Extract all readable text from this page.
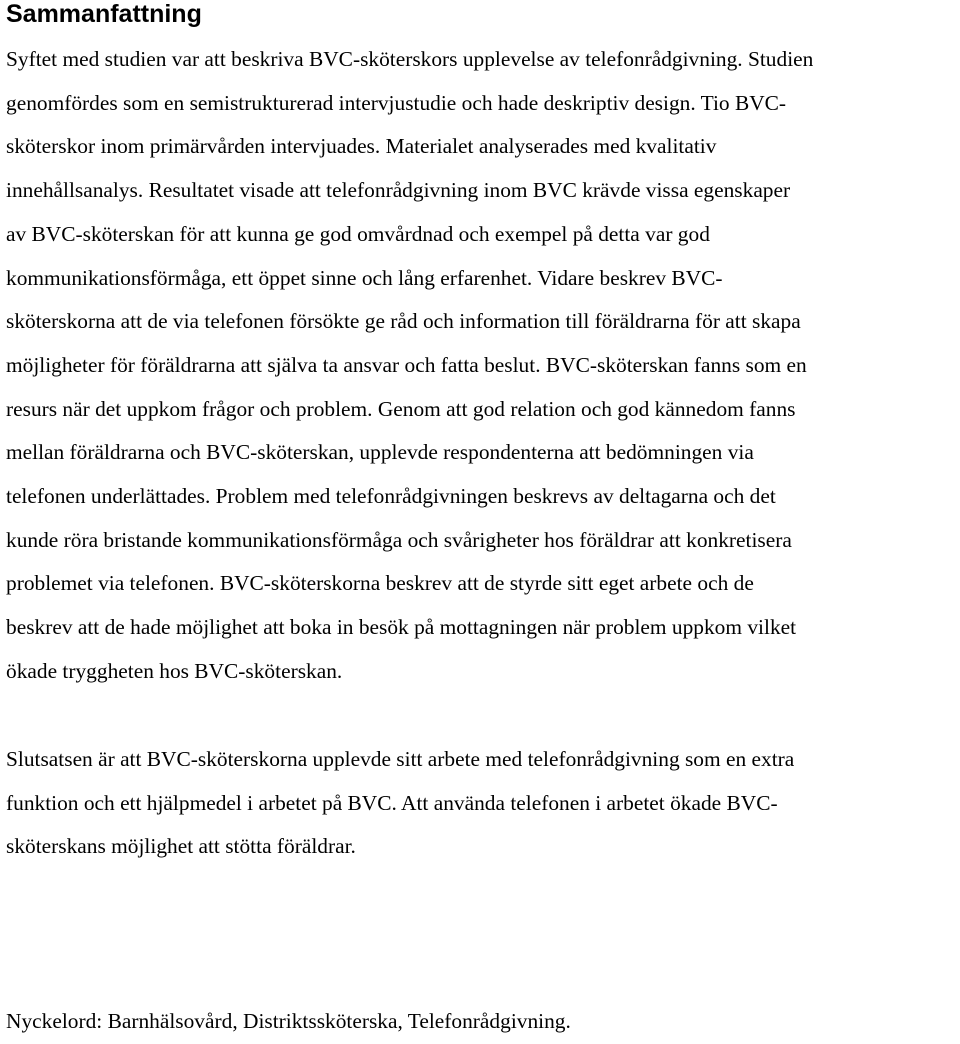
Sammanfattning

Syftet med studien var att beskriva BVC-sköterskors upplevelse av telefonrådgivning. Studien
genomfördes som en semistrukturerad intervjustudie och hade deskriptiv design. Tio BVC-
sköterskor inom primärvården intervjuades. Materialet analyserades med kvalitativ
innehållsanalys. Resultatet visade att telefonrådgivning inom BVC krävde vissa egenskaper
av BVC-sköterskan för att kunna ge god omvårdnad och exempel på detta var god
kommunikationsförmåga, ett öppet sinne och lång erfarenhet. Vidare beskrev BVC-
sköterskorna att de via telefonen försökte ge råd och information till föräldrarna för att skapa
möjligheter för föräldrarna att själva ta ansvar och fatta beslut. BVC-sköterskan fanns som en
resurs när det uppkom frågor och problem. Genom att god relation och god kännedom fanns
mellan föräldrarna och BVC-sköterskan, upplevde respondenterna att bedömningen via
telefonen underlättades. Problem med telefonrådgivningen beskrevs av deltagarna och det
kunde röra bristande kommunikationsförmåga och svårigheter hos föräldrar att konkretisera
problemet via telefonen. BVC-sköterskorna beskrev att de styrde sitt eget arbete och de
beskrev att de hade möjlighet att boka in besök på mottagningen när problem uppkom vilket
ökade tryggheten hos BVC-sköterskan.

Slutsatsen är att BVC-sköterskorna upplevde sitt arbete med telefonrådgivning som en extra
funktion och ett hjälpmedel i arbetet på BVC. Att använda telefonen i arbetet ökade BVC-
sköterskans möjlighet att stötta föräldrar.

Nyckelord: Barnhälsovård, Distriktssköterska, Telefonrådgivning.
